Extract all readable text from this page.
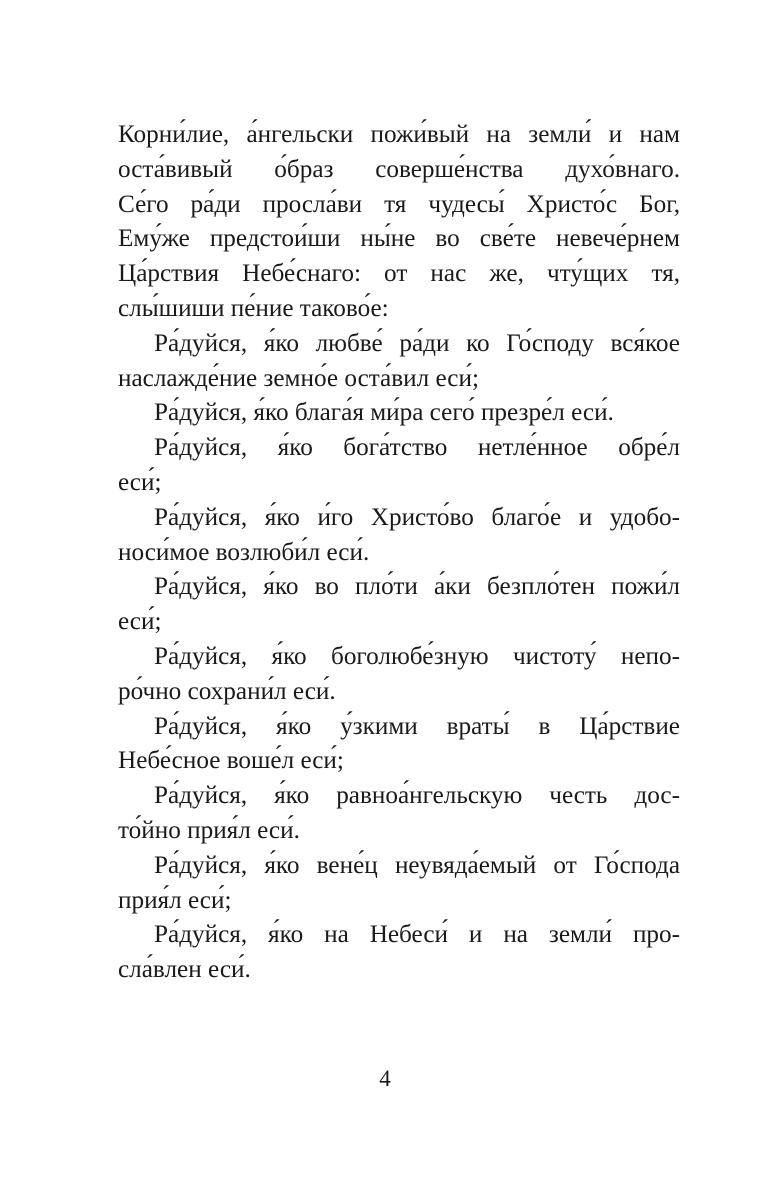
Корни́лие, а́нгельски пожи́вый на земли́ и нам
оста́вивый о́браз соверше́нства духо́внаго.
Се́го ра́ди просла́ви тя чудесы́ Христо́с Бог,
Ему́же предстои́ши ны́не во све́те невече́рнем
Ца́рствия Небе́снаго: от нас же, чту́щих тя,
слы́шиши пе́ние таково́е:

Ра́дуйся, я́ко любве́ ра́ди ко Го́споду вся́кое
наслажде́ние земно́е оста́вил еси́;

Ра́дуйся, я́ко блага́я ми́ра сего́ презре́л еси́.

Ра́дуйся, я́ко бога́тство нетле́нное обре́л
еси́;

Ра́дуйся, я́ко и́го Христо́во благо́е и удобо-
носи́мое возлюби́л еси́.

Ра́дуйся, я́ко во пло́ти а́ки безпло́тен пожи́л
еси́;

Ра́дуйся, я́ко боголюбе́зную чистоту́ непо-
ро́чно сохрани́л еси́.

Ра́дуйся, я́ко у́зкими враты́ в Ца́рствие
Небе́сное воше́л еси́;

Ра́дуйся, я́ко равноа́нгельскую честь дос-
то́йно прия́л еси́.

Ра́дуйся, я́ко вене́ц неувяда́емый от Го́спода
прия́л еси́;

Ра́дуйся, я́ко на Небеси́ и на земли́ про-
сла́влен еси́.

4
